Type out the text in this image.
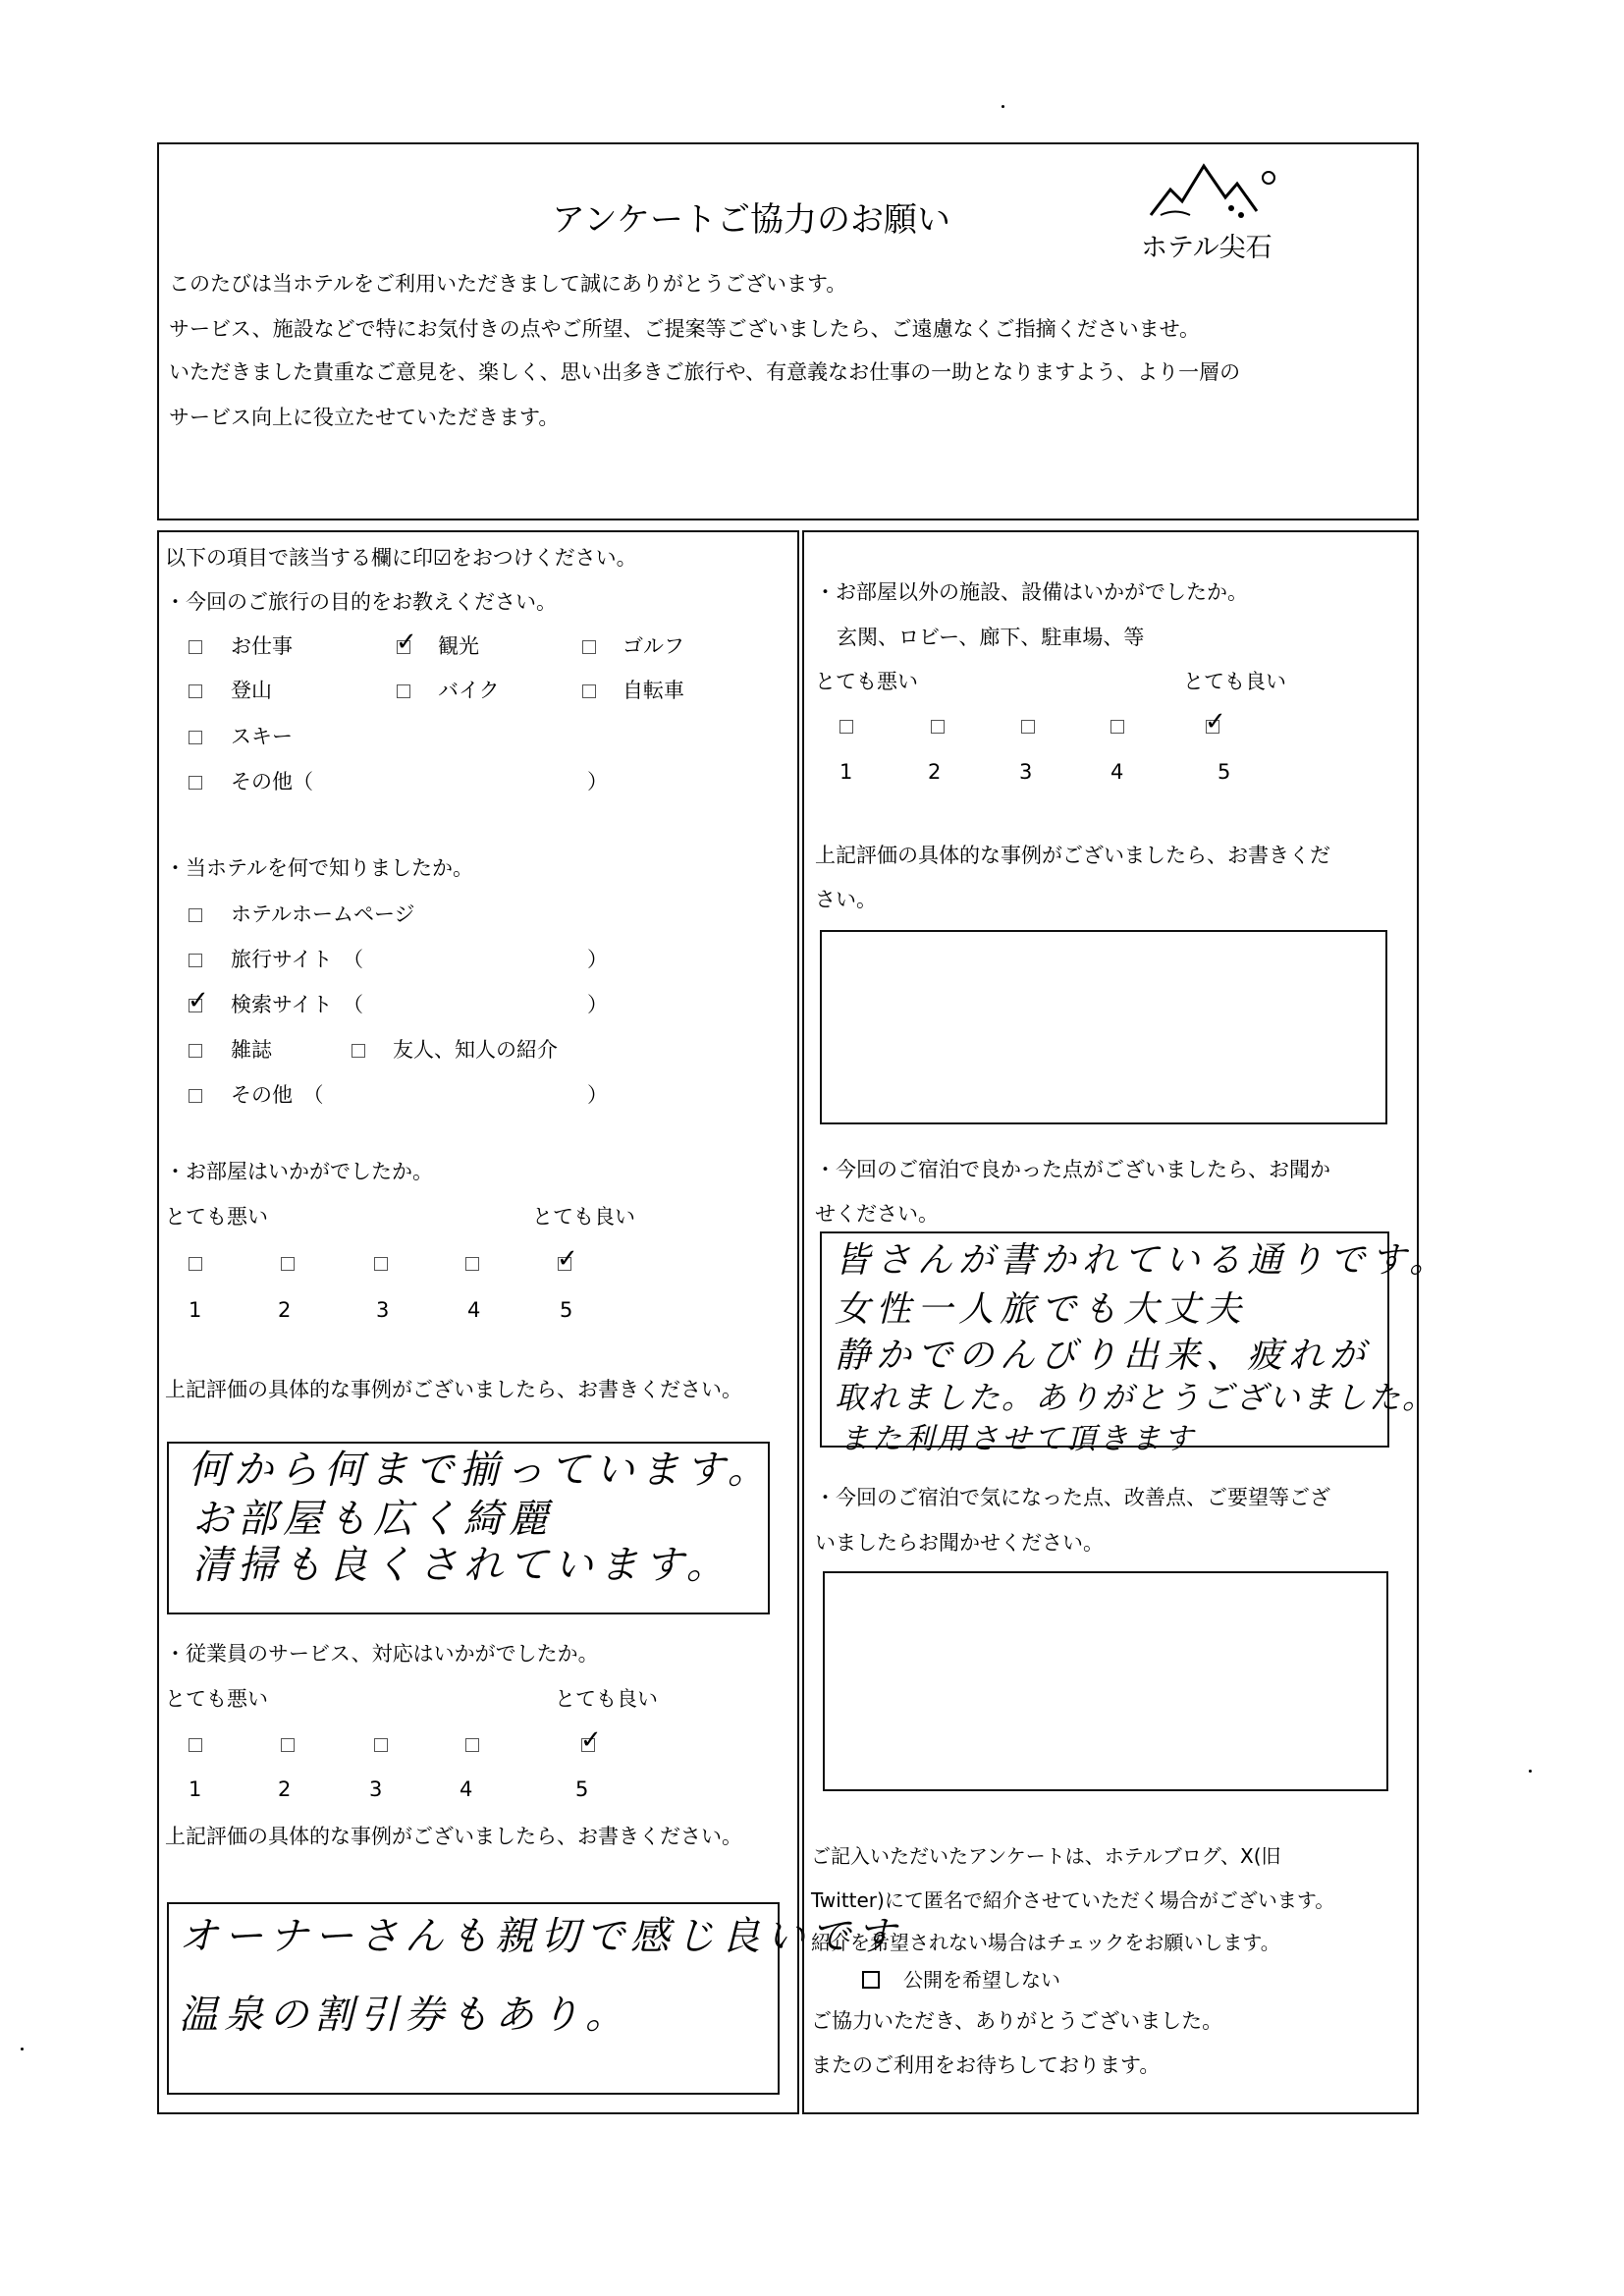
アンケートご協力のお願い
ホテル尖石
このたびは当ホテルをご利用いただきまして誠にありがとうございます。
サービス、施設などで特にお気付きの点やご所望、ご提案等ございましたら、ご遠慮なくご指摘くださいませ。
いただきました貴重なご意見を、楽しく、思い出多きご旅行や、有意義なお仕事の一助となりますよう、より一層の
サービス向上に役立たせていただきます。
以下の項目で該当する欄に印☑をおつけください。
・今回のご旅行の目的をお教えください。
お仕事
✓	観光	ゴルフ
登山	バイク	自転車
スキー
その他（	）
・当ホテルを何で知りましたか。
ホテルホームページ
旅行サイト　（	）
✓
検索サイト　（	）
雑誌	友人、知人の紹介
その他　（	）
・お部屋はいかがでしたか。
とても悪い	とても良い
✓
1	2	3	4	5
上記評価の具体的な事例がございましたら、お書きください。
何から何まで揃っています。
お部屋も広く綺麗
清掃も良くされています。
・従業員のサービス、対応はいかがでしたか。
とても悪い	とても良い
✓
1	2	3	4	5
上記評価の具体的な事例がございましたら、お書きください。
オーナーさんも親切で感じ良いです
温泉の割引券もあり。
・お部屋以外の施設、設備はいかがでしたか。
玄関、ロビー、廊下、駐車場、等
とても悪い	とても良い
✓
1	2	3	4	5
上記評価の具体的な事例がございましたら、お書きくだ
さい。
・今回のご宿泊で良かった点がございましたら、お聞か
せください。
皆さんが書かれている通りです。
女性一人旅でも大丈夫
静かでのんびり出来、疲れが
取れました。ありがとうございました。
また利用させて頂きます
・今回のご宿泊で気になった点、改善点、ご要望等ござ
いましたらお聞かせください。
ご記入いただいたアンケートは、ホテルブログ、X(旧
Twitter)にて匿名で紹介させていただく場合がございます。
紹介を希望されない場合はチェックをお願いします。
公開を希望しない
ご協力いただき、ありがとうございました。
またのご利用をお待ちしております。
